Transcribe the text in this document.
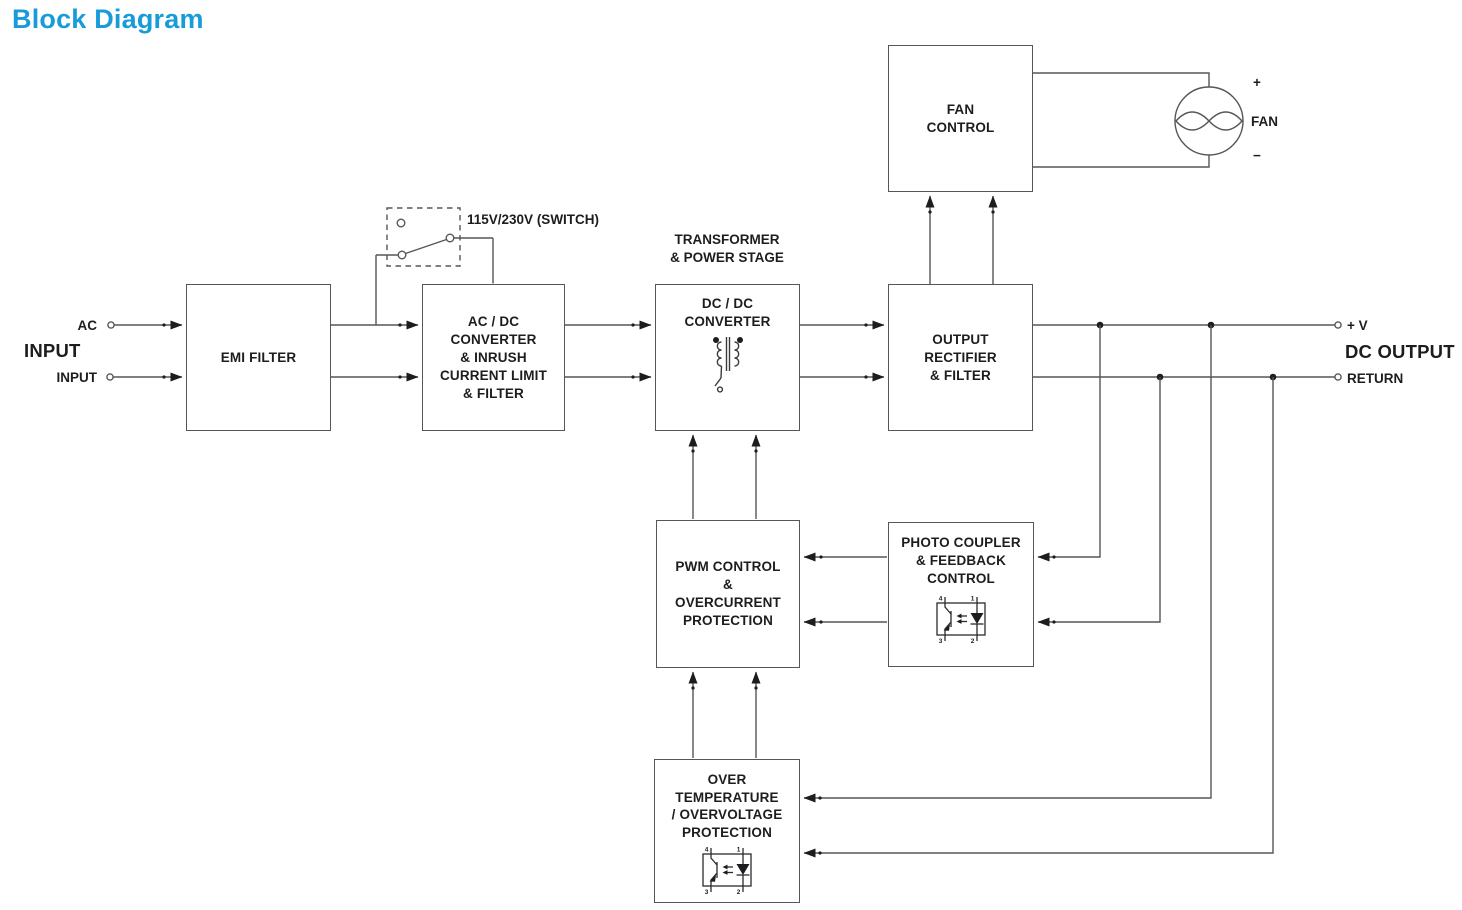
Block Diagram
INPUT
AC
INPUT
115V/230V (SWITCH)
TRANSFORMER
& POWER STAGE
DC OUTPUT
+ V
RETURN
+
FAN
−
EMI FILTER
AC / DC
CONVERTER
& INRUSH
CURRENT LIMIT
& FILTER
DC / DC
CONVERTER
FAN
CONTROL
OUTPUT
RECTIFIER
& FILTER
PWM CONTROL
&
OVERCURRENT
PROTECTION
PHOTO COUPLER
& FEEDBACK
CONTROL
4	1
3	2
OVER
TEMPERATURE
/ OVERVOLTAGE
PROTECTION
4	1
3	2
